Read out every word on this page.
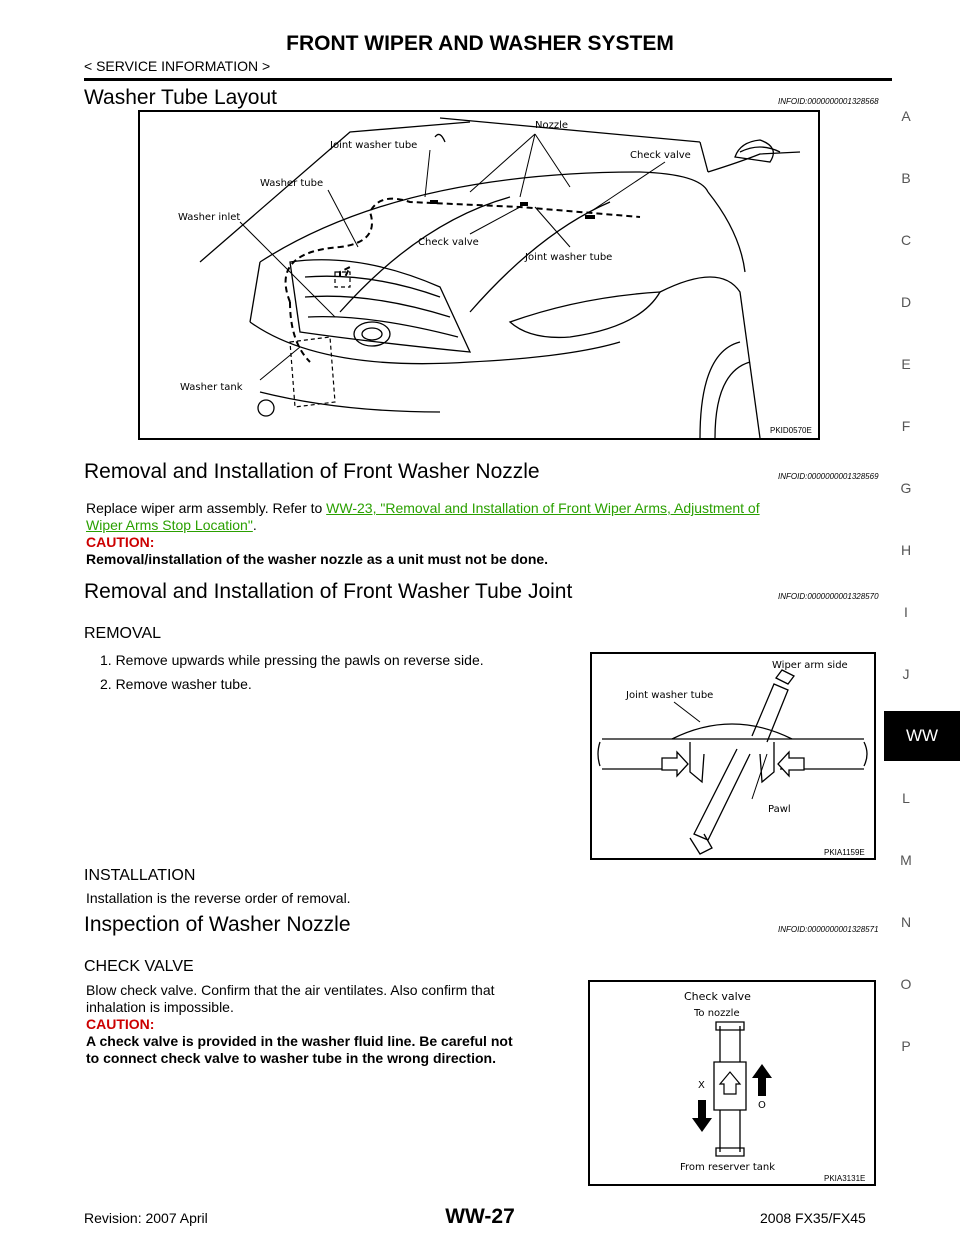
FRONT WIPER AND WASHER SYSTEM
< SERVICE INFORMATION >
Washer Tube Layout	INFOID:0000000001328568
Nozzle
Joint washer tube
Check valve
Washer tube
Washer inlet
Check valve
Joint washer tube
Washer tank
PKID0570E
Removal and Installation of Front Washer Nozzle	INFOID:0000000001328569
Replace wiper arm assembly. Refer to WW-23, "Removal and Installation of Front Wiper Arms, Adjustment of
Wiper Arms Stop Location".
CAUTION:
Removal/installation of the washer nozzle as a unit must not be done.
Removal and Installation of Front Washer Tube Joint	INFOID:0000000001328570
REMOVAL
1. Remove upwards while pressing the pawls on reverse side.
2. Remove washer tube.
Wiper arm side
Joint washer tube
Pawl
PKIA1159E
INSTALLATION
Installation is the reverse order of removal.
Inspection of Washer Nozzle	INFOID:0000000001328571
CHECK VALVE
Blow check valve. Confirm that the air ventilates. Also confirm that
inhalation is impossible.
CAUTION:
A check valve is provided in the washer fluid line. Be careful not
to connect check valve to washer tube in the wrong direction.
Check valve
To nozzle
X
O
From reserver tank
PKIA3131E
A
B
C
D
E
F
G
H
I
J
WW
L
M
N
O
P
Revision: 2007 April	WW-27	2008 FX35/FX45
